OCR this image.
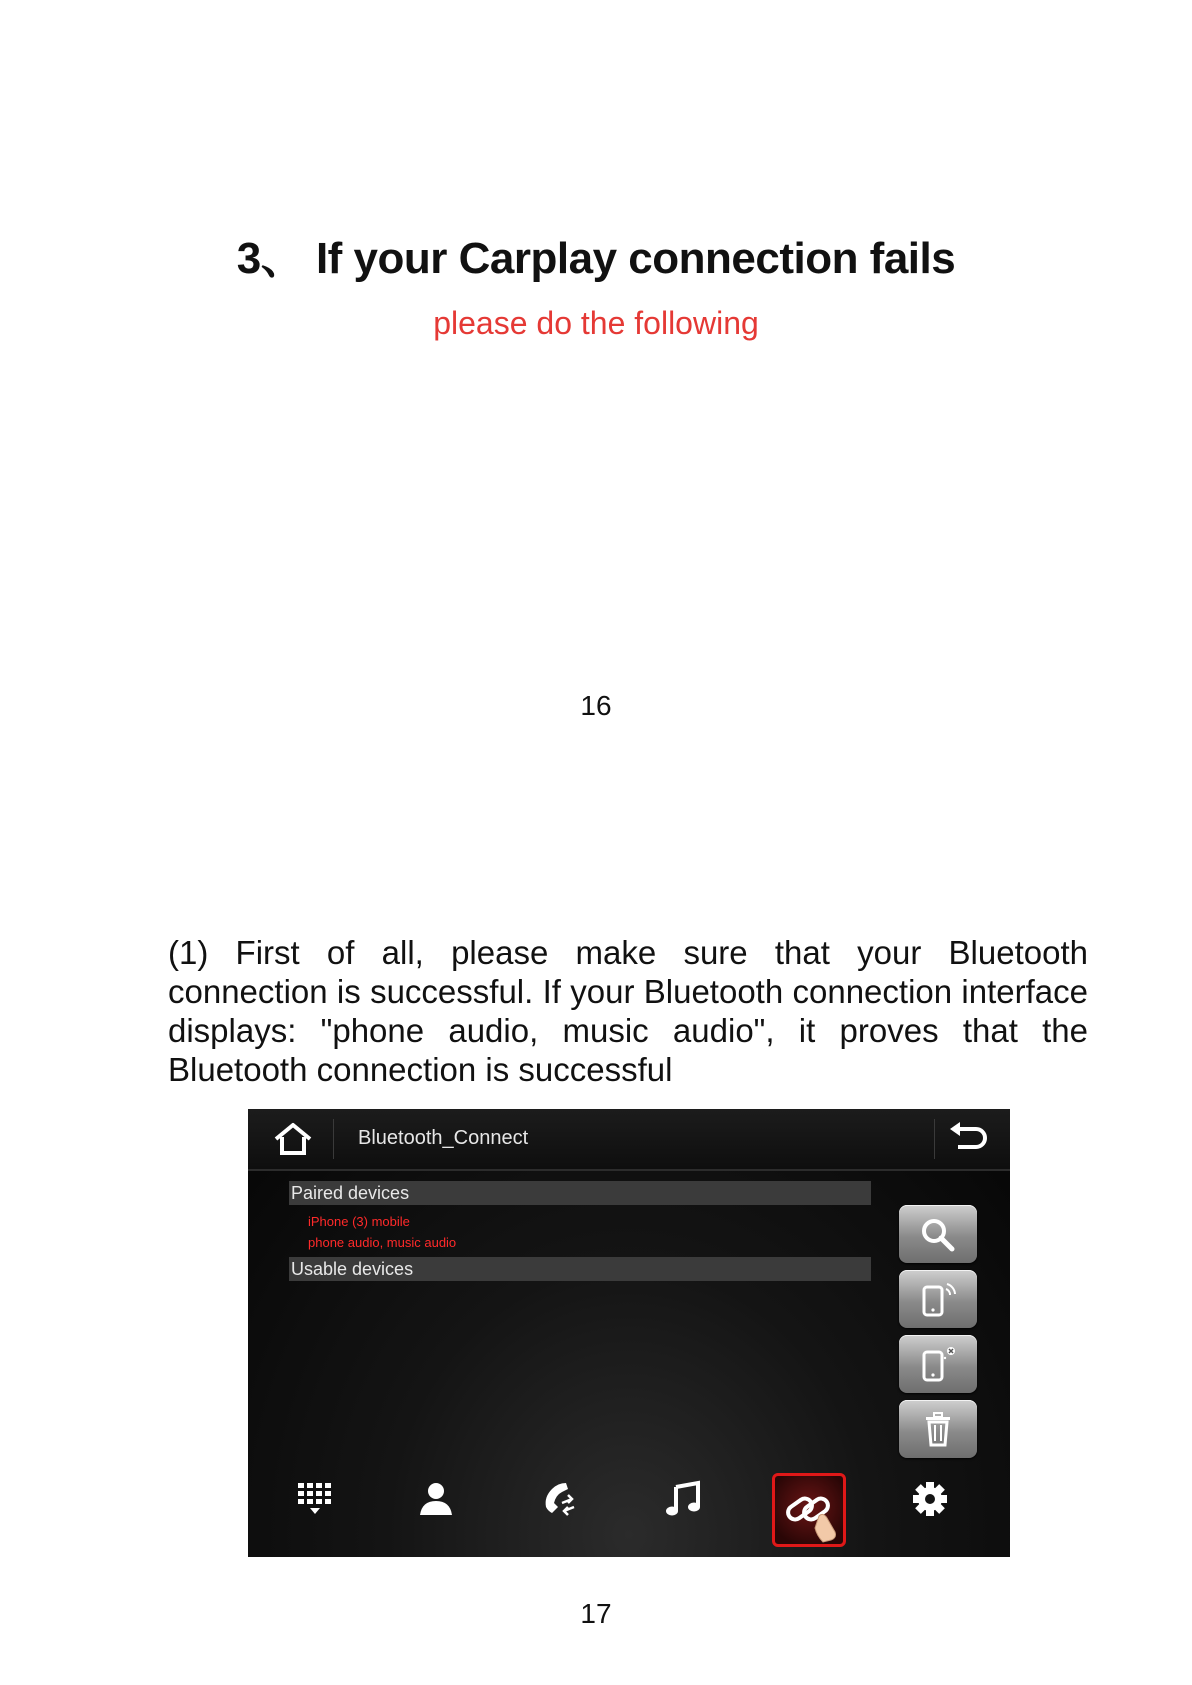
3、 If your Carplay connection fails
please do the following
16
(1) First of all, please make sure that your Bluetooth connection is successful. If your Bluetooth connection interface displays: "phone audio, music audio", it proves that the Bluetooth connection is successful
Bluetooth_Connect
Paired devices
iPhone (3) mobile
phone audio, music audio
Usable devices
17
